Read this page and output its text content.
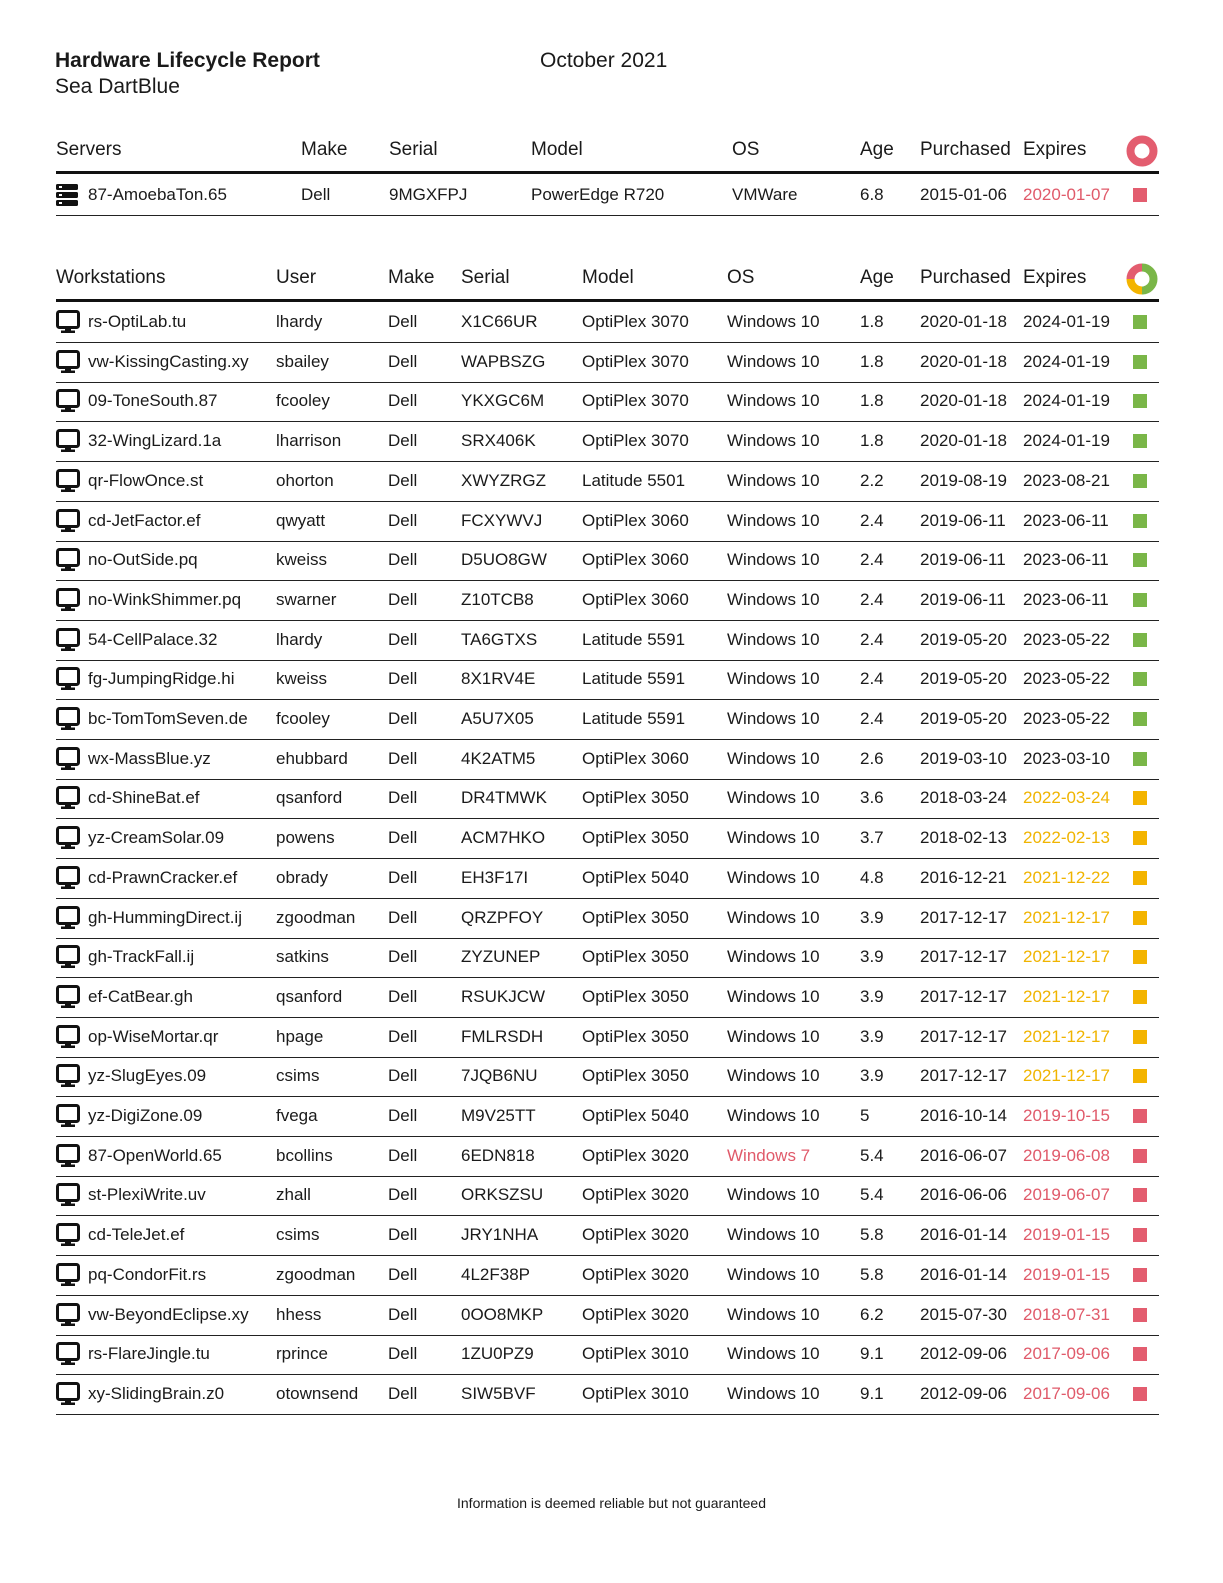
Hardware Lifecycle Report
Sea DartBlue
October 2021
Servers	Make Serial	Model	OS	Age Purchased Expires
87-AmoebaTon.65	Dell	9MGXFPJ	PowerEdge R720	VMWare	6.8 2015-01-06 2020-01-07
Workstations	User	Make Serial	Model	OS	Age Purchased Expires
rs-OptiLab.tu	lhardy	Dell	X1C66UR	OptiPlex 3070 Windows 10 1.8 2020-01-18 2024-01-19
vw-KissingCasting.xy sbailey	Dell	WAPBSZG OptiPlex 3070 Windows 10 1.8 2020-01-18 2024-01-19
09-ToneSouth.87	fcooley	Dell	YKXGC6M OptiPlex 3070 Windows 10 1.8 2020-01-18 2024-01-19
32-WingLizard.1a	lharrison	Dell	SRX406K	OptiPlex 3070 Windows 10 1.8 2020-01-18 2024-01-19
qr-FlowOnce.st	ohorton	Dell	XWYZRGZ Latitude 5501 Windows 10 2.2 2019-08-19 2023-08-21
cd-JetFactor.ef	qwyatt	Dell	FCXYWVJ OptiPlex 3060 Windows 10 2.4 2019-06-11 2023-06-11
no-OutSide.pq	kweiss	Dell	D5UO8GW OptiPlex 3060 Windows 10 2.4 2019-06-11 2023-06-11
no-WinkShimmer.pq swarner	Dell	Z10TCB8	OptiPlex 3060 Windows 10 2.4 2019-06-11 2023-06-11
54-CellPalace.32	lhardy	Dell	TA6GTXS	Latitude 5591 Windows 10 2.4 2019-05-20 2023-05-22
fg-JumpingRidge.hi kweiss	Dell	8X1RV4E	Latitude 5591 Windows 10 2.4 2019-05-20 2023-05-22
bc-TomTomSeven.de fcooley	Dell	A5U7X05	Latitude 5591 Windows 10 2.4 2019-05-20 2023-05-22
wx-MassBlue.yz	ehubbard Dell	4K2ATM5	OptiPlex 3060 Windows 10 2.6 2019-03-10 2023-03-10
cd-ShineBat.ef	qsanford	Dell	DR4TMWK OptiPlex 3050 Windows 10 3.6 2018-03-24 2022-03-24
yz-CreamSolar.09	powens	Dell	ACM7HKO OptiPlex 3050 Windows 10 3.7 2018-02-13 2022-02-13
cd-PrawnCracker.ef obrady	Dell	EH3F17I	OptiPlex 5040 Windows 10 4.8 2016-12-21 2021-12-22
gh-HummingDirect.ij zgoodman Dell	QRZPFOY OptiPlex 3050 Windows 10 3.9 2017-12-17 2021-12-17
gh-TrackFall.ij	satkins	Dell	ZYZUNEP OptiPlex 3050 Windows 10 3.9 2017-12-17 2021-12-17
ef-CatBear.gh	qsanford	Dell	RSUKJCW OptiPlex 3050 Windows 10 3.9 2017-12-17 2021-12-17
op-WiseMortar.qr	hpage	Dell	FMLRSDH OptiPlex 3050 Windows 10 3.9 2017-12-17 2021-12-17
yz-SlugEyes.09	csims	Dell	7JQB6NU	OptiPlex 3050 Windows 10 3.9 2017-12-17 2021-12-17
yz-DigiZone.09	fvega	Dell	M9V25TT	OptiPlex 5040 Windows 10 5	2016-10-14 2019-10-15
87-OpenWorld.65	bcollins	Dell	6EDN818	OptiPlex 3020 Windows 7	5.4 2016-06-07 2019-06-08
st-PlexiWrite.uv	zhall	Dell	ORKSZSU OptiPlex 3020 Windows 10 5.4 2016-06-06 2019-06-07
cd-TeleJet.ef	csims	Dell	JRY1NHA	OptiPlex 3020 Windows 10 5.8 2016-01-14 2019-01-15
pq-CondorFit.rs	zgoodman Dell	4L2F38P	OptiPlex 3020 Windows 10 5.8 2016-01-14 2019-01-15
vw-BeyondEclipse.xy hhess	Dell	0OO8MKP OptiPlex 3020 Windows 10 6.2 2015-07-30 2018-07-31
rs-FlareJingle.tu	rprince	Dell	1ZU0PZ9	OptiPlex 3010 Windows 10 9.1 2012-09-06 2017-09-06
xy-SlidingBrain.z0	otownsend Dell	SIW5BVF	OptiPlex 3010 Windows 10 9.1 2012-09-06 2017-09-06
Information is deemed reliable but not guaranteed
